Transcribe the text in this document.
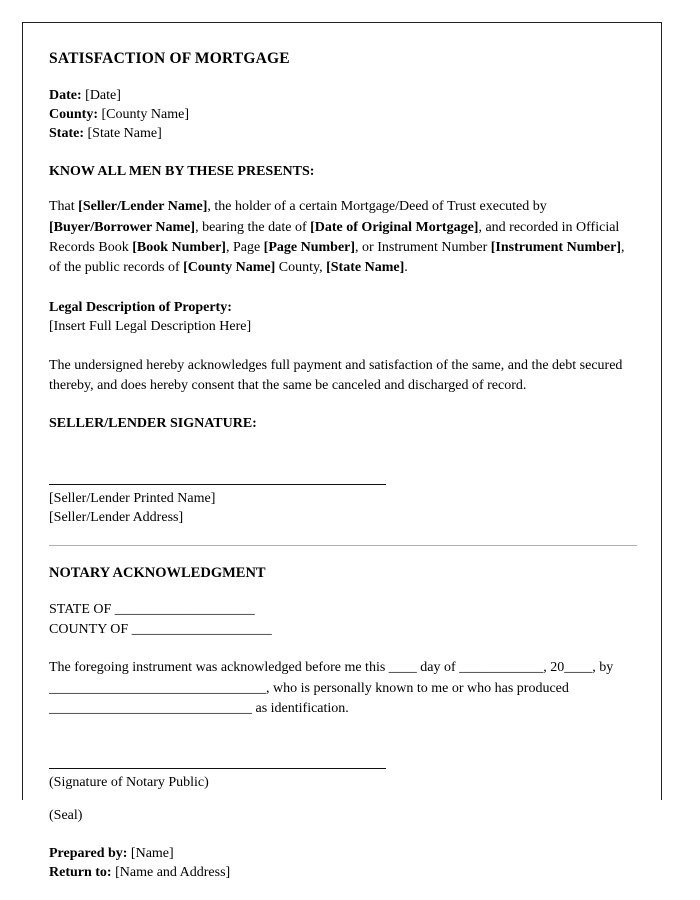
SATISFACTION OF MORTGAGE
Date: [Date]
County: [County Name]
State: [State Name]
KNOW ALL MEN BY THESE PRESENTS:
That [Seller/Lender Name], the holder of a certain Mortgage/Deed of Trust executed by [Buyer/Borrower Name], bearing the date of [Date of Original Mortgage], and recorded in Official Records Book [Book Number], Page [Page Number], or Instrument Number [Instrument Number], of the public records of [County Name] County, [State Name].
Legal Description of Property:
[Insert Full Legal Description Here]
The undersigned hereby acknowledges full payment and satisfaction of the same, and the debt secured thereby, and does hereby consent that the same be canceled and discharged of record.
SELLER/LENDER SIGNATURE:
[Seller/Lender Printed Name]
[Seller/Lender Address]
NOTARY ACKNOWLEDGMENT
STATE OF ____________________
COUNTY OF ____________________
The foregoing instrument was acknowledged before me this ____ day of ____________, 20____, by _______________________________, who is personally known to me or who has produced _____________________________ as identification.
(Signature of Notary Public)
(Seal)
Prepared by: [Name]
Return to: [Name and Address]
